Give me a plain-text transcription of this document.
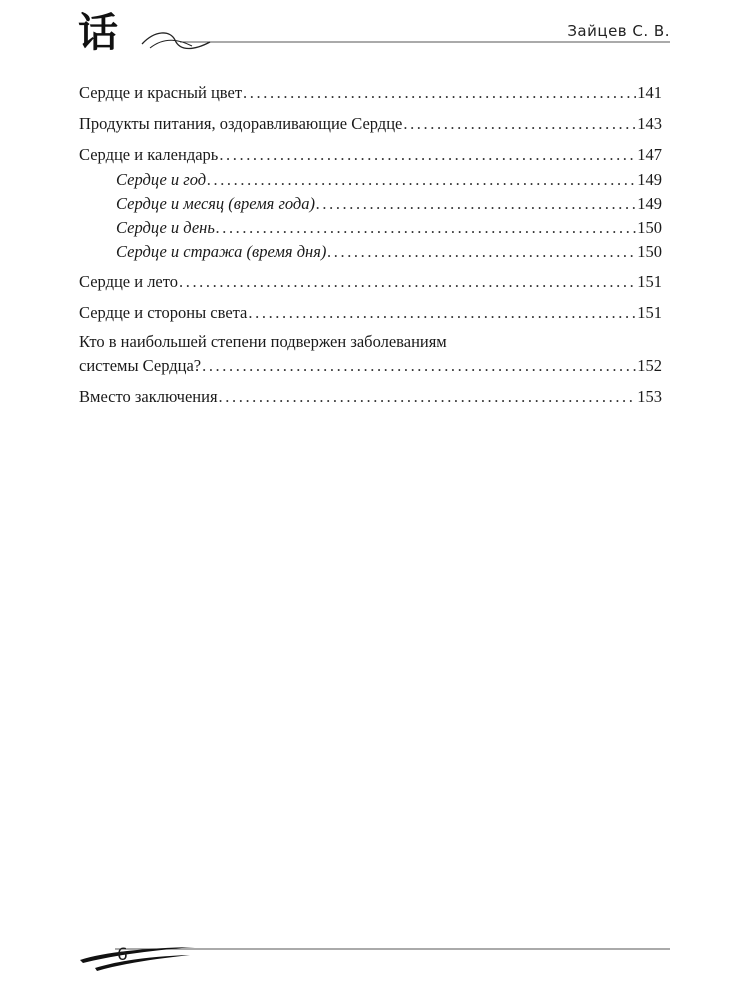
话	Зайцев С. В.
Сердце и красный цвет .....	141
Продукты питания, оздоравливающие Сердце .....	143
Сердце и календарь .....	147
Сердце и год .....	149
Сердце и месяц (время года) .....	149
Сердце и день .....	150
Сердце и стража (время дня) .....	150
Сердце и лето .....	151
Сердце и стороны света .....	151
Кто в наибольшей степени подвержен заболеваниям
системы Сердца? .....	152
Вместо заключения .....	153
6
